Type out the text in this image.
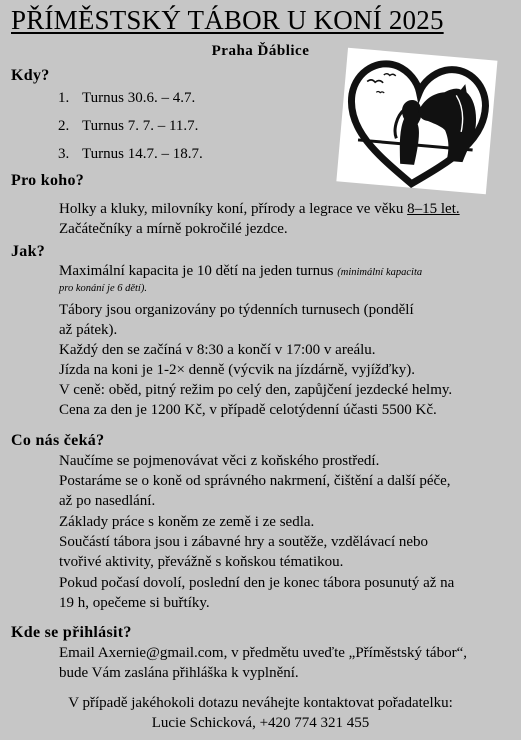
PŘÍMĚSTSKÝ TÁBOR U KONÍ 2025

Praha Ďáblice

Kdy?
1. Turnus 30.6. – 4.7.
2. Turnus 7. 7. – 11.7.
3. Turnus 14.7. – 18.7.
Pro koho?

Holky a kluky, milovníky koní, přírody a legrace ve věku 8–15 let.

Začátečníky a mírně pokročilé jezdce.

Jak?

Maximální kapacita je 10 dětí na jeden turnus (minimální kapacita

pro konání je 6 dětí).

Tábory jsou organizovány po týdenních turnusech (pondělí

až pátek).

Každý den se začíná v 8:30 a končí v 17:00 v areálu.

Jízda na koni je 1-2× denně (výcvik na jízdárně, vyjížďky).

V ceně: oběd, pitný režim po celý den, zapůjčení jezdecké helmy.

Cena za den je 1200 Kč, v případě celotýdenní účasti 5500 Kč.

Co nás čeká?

Naučíme se pojmenovávat věci z koňského prostředí.

Postaráme se o koně od správného nakrmení, čištění a další péče,

až po nasedlání.

Základy práce s koněm ze země i ze sedla.

Součástí tábora jsou i zábavné hry a soutěže, vzdělávací nebo

tvořivé aktivity, převážně s koňskou tématikou.

Pokud počasí dovolí, poslední den je konec tábora posunutý až na

19 h, opečeme si buřtíky.

Kde se přihlásit?

Email Axernie@gmail.com, v předmětu uveďte „Příměstský tábor“,

bude Vám zaslána přihláška k vyplnění.

V případě jakéhokoli dotazu neváhejte kontaktovat pořadatelku:
Lucie Schicková, +420 774 321 455
